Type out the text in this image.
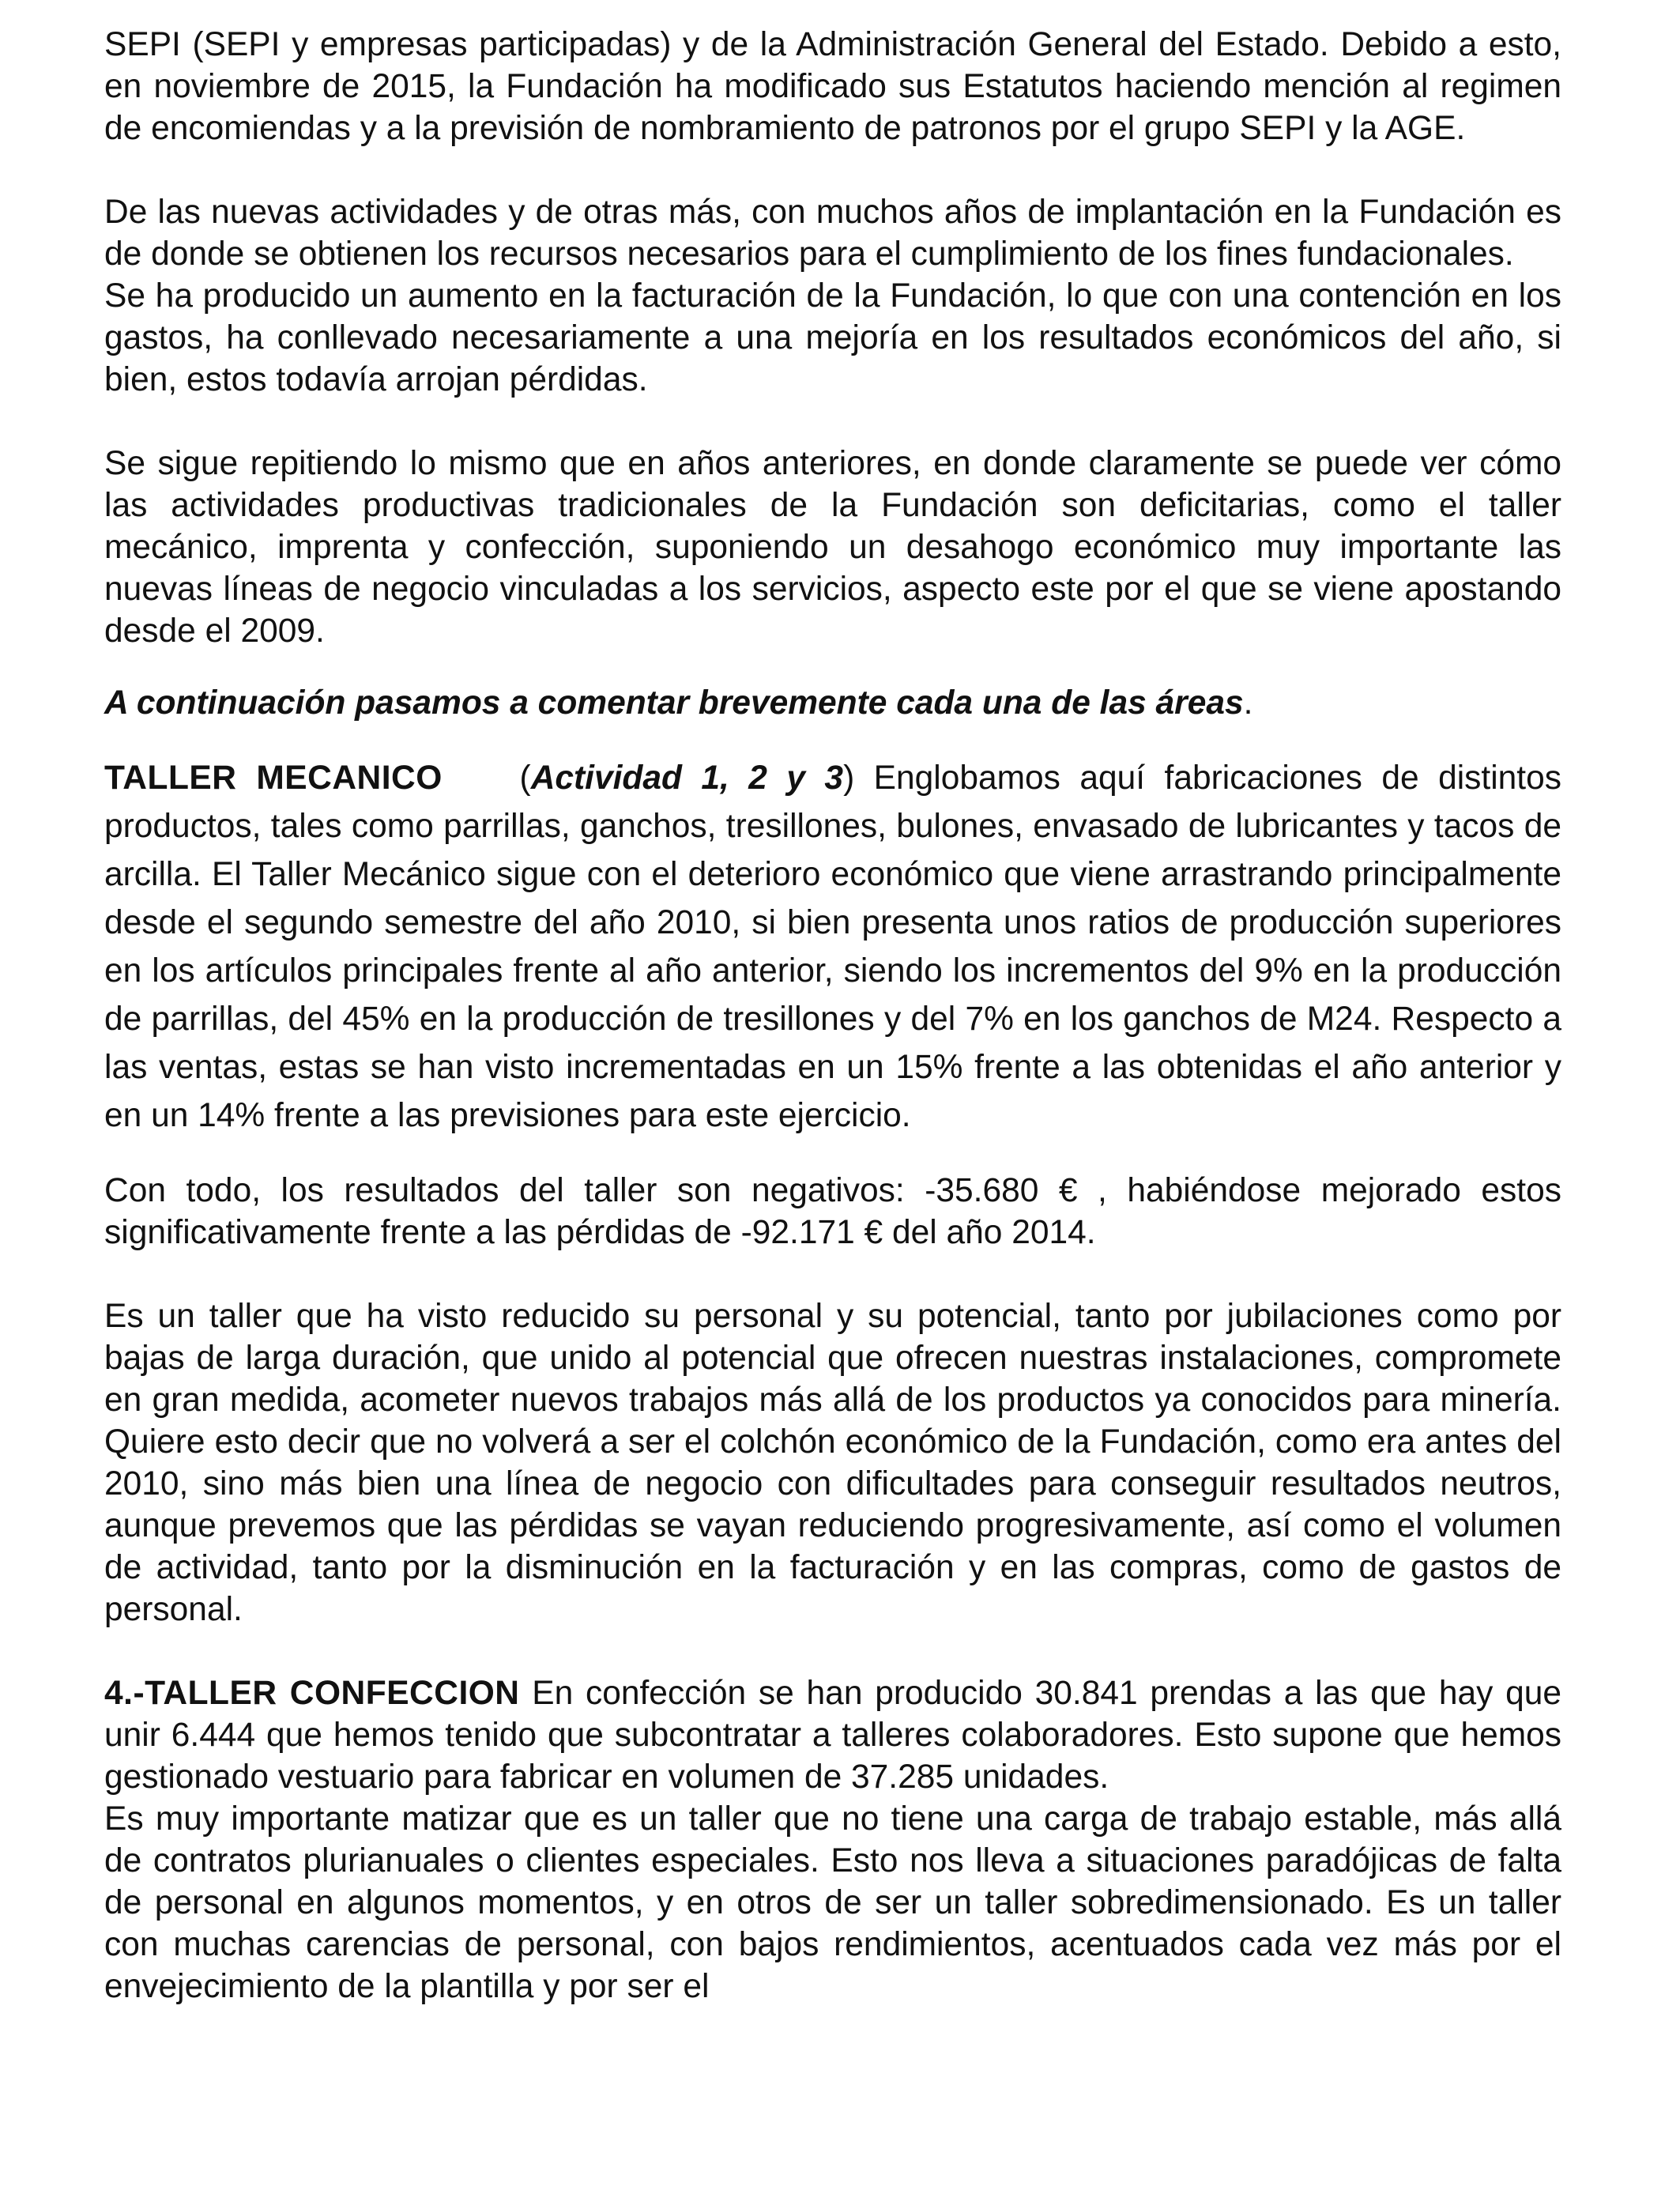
SEPI (SEPI y empresas participadas) y de la Administración General del Estado. Debido a esto, en noviembre de 2015, la Fundación ha modificado sus Estatutos haciendo mención al regimen de encomiendas y a la previsión de nombramiento de patronos por el grupo SEPI y la AGE.

De las nuevas actividades y de otras más, con muchos años de implantación en la Fundación es de donde se obtienen los recursos necesarios para el cumplimiento de los fines fundacionales.

Se ha producido un aumento en la facturación de la Fundación, lo que con una contención en los gastos, ha conllevado necesariamente a una mejoría en los resultados económicos del año, si bien, estos todavía arrojan pérdidas.

Se sigue repitiendo lo mismo que en años anteriores, en donde claramente se puede ver cómo las actividades productivas tradicionales de la Fundación son deficitarias, como el taller mecánico, imprenta y confección, suponiendo un desahogo económico muy importante las nuevas líneas de negocio vinculadas a los servicios, aspecto este por el que se viene apostando desde el 2009.

A continuación pasamos a comentar brevemente cada una de las áreas.

TALLER MECANICO (Actividad 1, 2 y 3) Englobamos aquí fabricaciones de distintos productos, tales como parrillas, ganchos, tresillones, bulones, envasado de lubricantes y tacos de arcilla. El Taller Mecánico sigue con el deterioro económico que viene arrastrando principalmente desde el segundo semestre del año 2010, si bien presenta unos ratios de producción superiores en los artículos principales frente al año anterior, siendo los incrementos del 9% en la producción de parrillas, del 45% en la producción de tresillones y del 7% en los ganchos de M24. Respecto a las ventas, estas se han visto incrementadas en un 15% frente a las obtenidas el año anterior y en un 14% frente a las previsiones para este ejercicio.

Con todo, los resultados del taller son negativos: -35.680 € , habiéndose mejorado estos significativamente frente a las pérdidas de -92.171 € del año 2014.

Es un taller que ha visto reducido su personal y su potencial, tanto por jubilaciones como por bajas de larga duración, que unido al potencial que ofrecen nuestras instalaciones, compromete en gran medida, acometer nuevos trabajos más allá de los productos ya conocidos para minería. Quiere esto decir que no volverá a ser el colchón económico de la Fundación, como era antes del 2010, sino más bien una línea de negocio con dificultades para conseguir resultados neutros, aunque prevemos que las pérdidas se vayan reduciendo progresivamente, así como el volumen de actividad, tanto por la disminución en la facturación y en las compras, como de gastos de personal.

4.-TALLER CONFECCION En confección se han producido 30.841 prendas a las que hay que unir 6.444 que hemos tenido que subcontratar a talleres colaboradores. Esto supone que hemos gestionado vestuario para fabricar en volumen de 37.285 unidades.

Es muy importante matizar que es un taller que no tiene una carga de trabajo estable, más allá de contratos plurianuales o clientes especiales. Esto nos lleva a situaciones paradójicas de falta de personal en algunos momentos, y en otros de ser un taller sobredimensionado. Es un taller con muchas carencias de personal, con bajos rendimientos, acentuados cada vez más por el envejecimiento de la plantilla y por ser el
